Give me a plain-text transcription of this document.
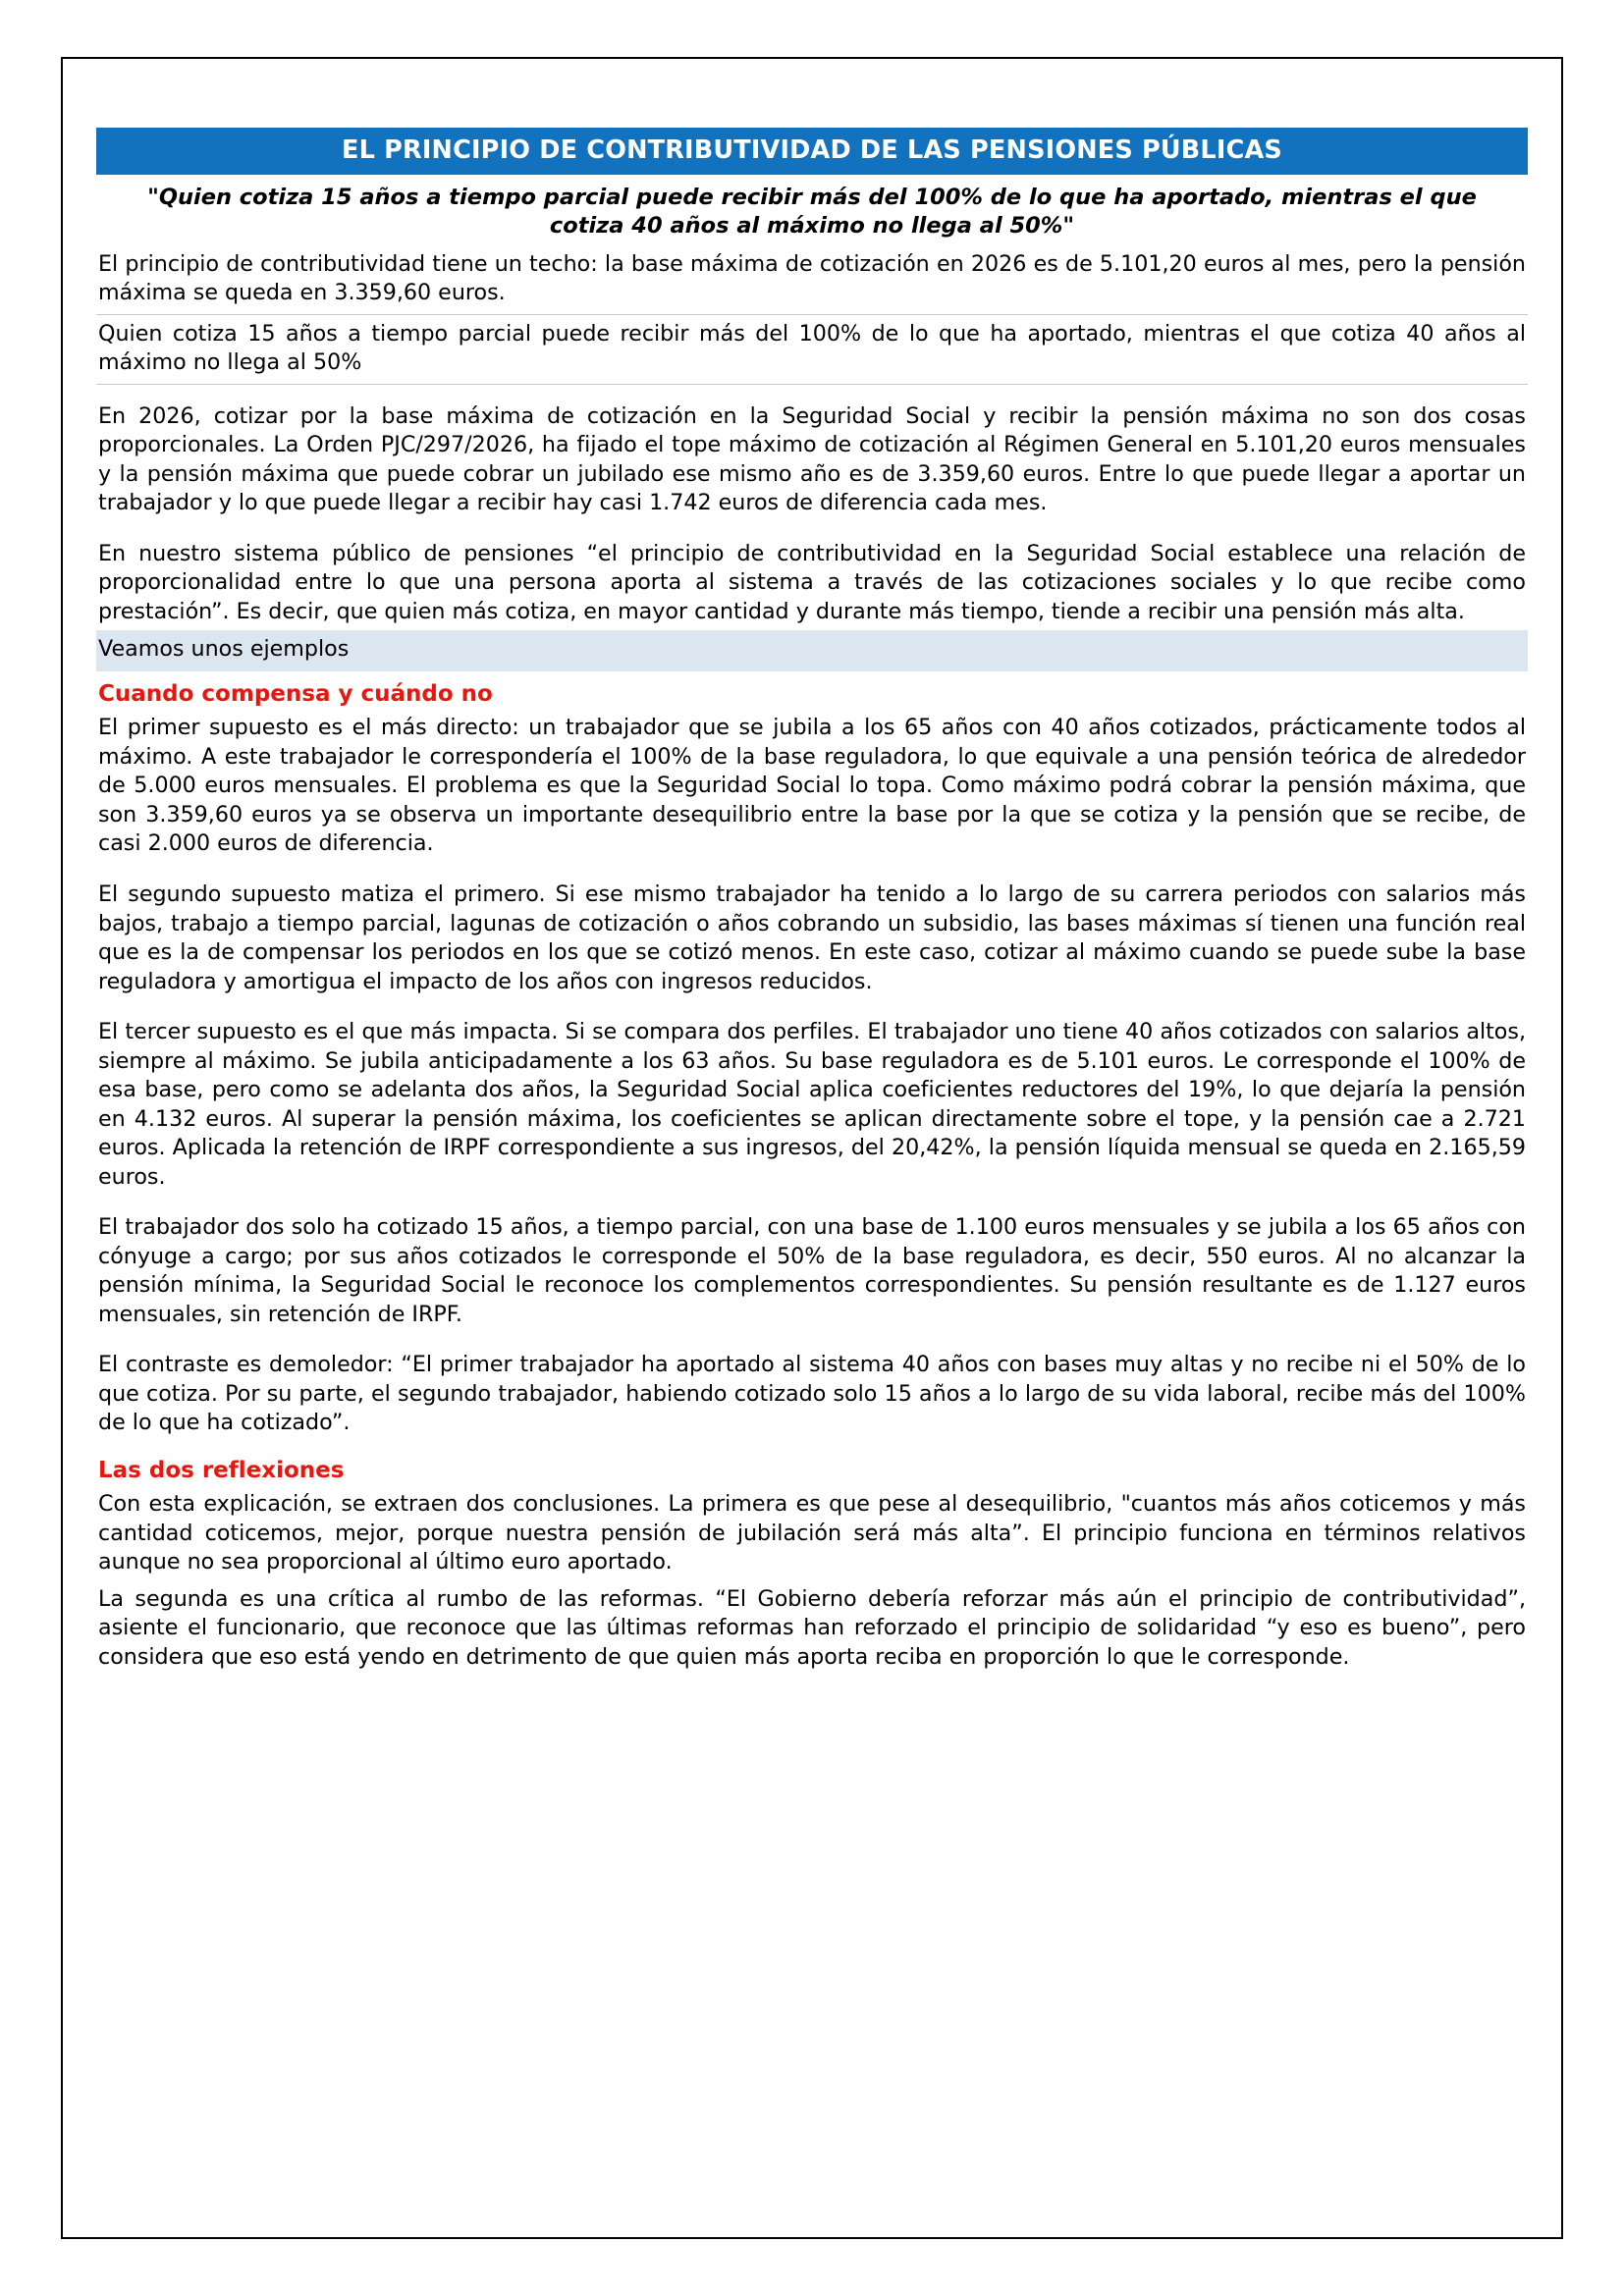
EL PRINCIPIO DE CONTRIBUTIVIDAD DE LAS PENSIONES PÚBLICAS
"Quien cotiza 15 años a tiempo parcial puede recibir más del 100% de lo que ha aportado, mientras el que cotiza 40 años al máximo no llega al 50%"

El principio de contributividad tiene un techo: la base máxima de cotización en 2026 es de 5.101,20 euros al mes, pero la pensión máxima se queda en 3.359,60 euros.

Quien cotiza 15 años a tiempo parcial puede recibir más del 100% de lo que ha aportado, mientras el que cotiza 40 años al máximo no llega al 50%

En 2026, cotizar por la base máxima de cotización en la Seguridad Social y recibir la pensión máxima no son dos cosas proporcionales. La Orden PJC/297/2026, ha fijado el tope máximo de cotización al Régimen General en 5.101,20 euros mensuales y la pensión máxima que puede cobrar un jubilado ese mismo año es de 3.359,60 euros. Entre lo que puede llegar a aportar un trabajador y lo que puede llegar a recibir hay casi 1.742 euros de diferencia cada mes.

En nuestro sistema público de pensiones “el principio de contributividad en la Seguridad Social establece una relación de proporcionalidad entre lo que una persona aporta al sistema a través de las cotizaciones sociales y lo que recibe como prestación”. Es decir, que quien más cotiza, en mayor cantidad y durante más tiempo, tiende a recibir una pensión más alta.

Veamos unos ejemplos

Cuando compensa y cuándo no

El primer supuesto es el más directo: un trabajador que se jubila a los 65 años con 40 años cotizados, prácticamente todos al máximo. A este trabajador le correspondería el 100% de la base reguladora, lo que equivale a una pensión teórica de alrededor de 5.000 euros mensuales. El problema es que la Seguridad Social lo topa. Como máximo podrá cobrar la pensión máxima, que son 3.359,60 euros ya se observa un importante desequilibrio entre la base por la que se cotiza y la pensión que se recibe, de casi 2.000 euros de diferencia.

El segundo supuesto matiza el primero. Si ese mismo trabajador ha tenido a lo largo de su carrera periodos con salarios más bajos, trabajo a tiempo parcial, lagunas de cotización o años cobrando un subsidio, las bases máximas sí tienen una función real que es la de compensar los periodos en los que se cotizó menos. En este caso, cotizar al máximo cuando se puede sube la base reguladora y amortigua el impacto de los años con ingresos reducidos.

El tercer supuesto es el que más impacta. Si se compara dos perfiles. El trabajador uno tiene 40 años cotizados con salarios altos, siempre al máximo. Se jubila anticipadamente a los 63 años. Su base reguladora es de 5.101 euros. Le corresponde el 100% de esa base, pero como se adelanta dos años, la Seguridad Social aplica coeficientes reductores del 19%, lo que dejaría la pensión en 4.132 euros. Al superar la pensión máxima, los coeficientes se aplican directamente sobre el tope, y la pensión cae a 2.721 euros. Aplicada la retención de IRPF correspondiente a sus ingresos, del 20,42%, la pensión líquida mensual se queda en 2.165,59 euros.

El trabajador dos solo ha cotizado 15 años, a tiempo parcial, con una base de 1.100 euros mensuales y se jubila a los 65 años con cónyuge a cargo; por sus años cotizados le corresponde el 50% de la base reguladora, es decir, 550 euros. Al no alcanzar la pensión mínima, la Seguridad Social le reconoce los complementos correspondientes. Su pensión resultante es de 1.127 euros mensuales, sin retención de IRPF.

El contraste es demoledor: “El primer trabajador ha aportado al sistema 40 años con bases muy altas y no recibe ni el 50% de lo que cotiza. Por su parte, el segundo trabajador, habiendo cotizado solo 15 años a lo largo de su vida laboral, recibe más del 100% de lo que ha cotizado”.

Las dos reflexiones

Con esta explicación, se extraen dos conclusiones. La primera es que pese al desequilibrio, "cuantos más años coticemos y más cantidad coticemos, mejor, porque nuestra pensión de jubilación será más alta”. El principio funciona en términos relativos aunque no sea proporcional al último euro aportado.

La segunda es una crítica al rumbo de las reformas. “El Gobierno debería reforzar más aún el principio de contributividad”, asiente el funcionario, que reconoce que las últimas reformas han reforzado el principio de solidaridad “y eso es bueno”, pero considera que eso está yendo en detrimento de que quien más aporta reciba en proporción lo que le corresponde.
